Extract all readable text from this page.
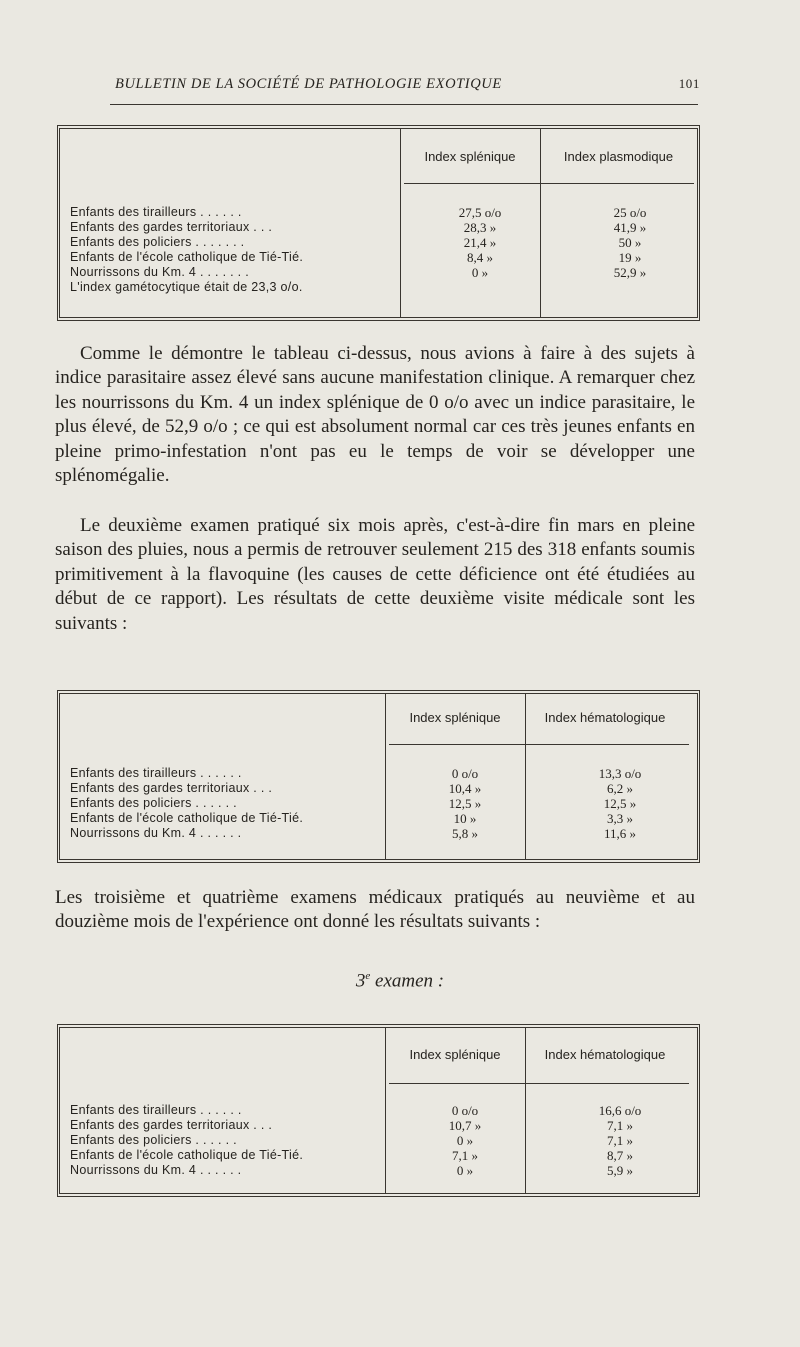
BULLETIN DE LA SOCIÉTÉ DE PATHOLOGIE EXOTIQUE	101
Index splénique	Index plasmodique
Enfants des tirailleurs . . . . . .	27,5 o/o	25 o/o
Enfants des gardes territoriaux . . .	28,3 »	41,9 »
Enfants des policiers . . . . . . .	21,4 »	50 »
Enfants de l'école catholique de Tié-Tié.	8,4 »	19 »
Nourrissons du Km. 4 . . . . . . .	0 »	52,9 »
L'index gamétocytique était de 23,3 o/o.

Comme le démontre le tableau ci-dessus, nous avions à faire à des sujets à indice parasitaire assez élevé sans aucune manifestation clinique. A remarquer chez les nourrissons du Km. 4 un index splénique de 0 o/o avec un indice parasitaire, le plus élevé, de 52,9 o/o ; ce qui est absolument normal car ces très jeunes enfants en pleine primo-infestation n'ont pas eu le temps de voir se développer une splénomégalie.

Le deuxième examen pratiqué six mois après, c'est-à-dire fin mars en pleine saison des pluies, nous a permis de retrouver seulement 215 des 318 enfants soumis primitivement à la flavoquine (les causes de cette déficience ont été étudiées au début de ce rapport). Les résultats de cette deuxième visite médicale sont les suivants :

Index splénique	Index hématologique
Enfants des tirailleurs . . . . . .	0 o/o	13,3 o/o
Enfants des gardes territoriaux . . .	10,4 »	6,2 »
Enfants des policiers . . . . . .	12,5 »	12,5 »
Enfants de l'école catholique de Tié-Tié.	10 »	3,3 »
Nourrissons du Km. 4 . . . . . .	5,8 »	11,6 »

Les troisième et quatrième examens médicaux pratiqués au neuvième et au douzième mois de l'expérience ont donné les résultats suivants :

3e examen :
Index splénique	Index hématologique
Enfants des tirailleurs . . . . . .	0 o/o	16,6 o/o
Enfants des gardes territoriaux . . .	10,7 »	7,1 »
Enfants des policiers . . . . . .	0 »	7,1 »
Enfants de l'école catholique de Tié-Tié.	7,1 »	8,7 »
Nourrissons du Km. 4 . . . . . .	0 »	5,9 »
